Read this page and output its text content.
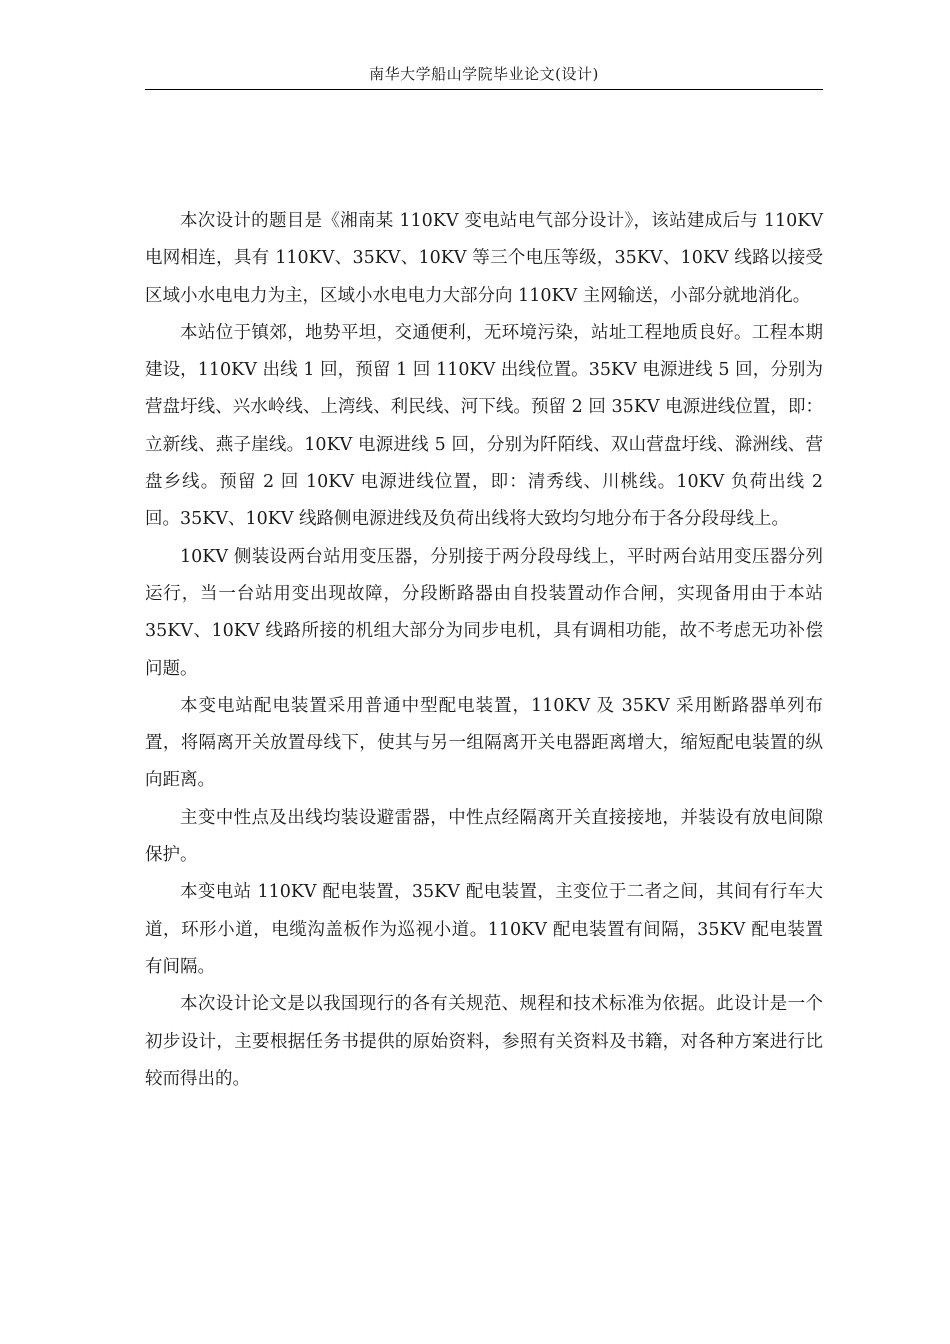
南华大学船山学院毕业论文(设计)

本次设计的题目是《湘南某 110KV 变电站电气部分设计》，该站建成后与 110KV 电网相连，具有 110KV、35KV、10KV 等三个电压等级，35KV、10KV 线路以接受区域小水电电力为主，区域小水电电力大部分向 110KV 主网输送，小部分就地消化。

本站位于镇郊，地势平坦，交通便利，无环境污染，站址工程地质良好。工程本期建设，110KV 出线 1 回，预留 1 回 110KV 出线位置。35KV 电源进线 5 回，分别为营盘圩线、兴水岭线、上湾线、利民线、河下线。预留 2 回 35KV 电源进线位置，即：立新线、燕子崖线。10KV 电源进线 5 回，分别为阡陌线、双山营盘圩线、滁洲线、营盘乡线。预留 2 回 10KV 电源进线位置，即：清秀线、川桃线。10KV 负荷出线 2 回。35KV、10KV 线路侧电源进线及负荷出线将大致均匀地分布于各分段母线上。

10KV 侧装设两台站用变压器，分别接于两分段母线上，平时两台站用变压器分列运行，当一台站用变出现故障，分段断路器由自投装置动作合闸，实现备用由于本站 35KV、10KV 线路所接的机组大部分为同步电机，具有调相功能，故不考虑无功补偿问题。

本变电站配电装置采用普通中型配电装置，110KV 及 35KV 采用断路器单列布置，将隔离开关放置母线下，使其与另一组隔离开关电器距离增大，缩短配电装置的纵向距离。

主变中性点及出线均装设避雷器，中性点经隔离开关直接接地，并装设有放电间隙保护。

本变电站 110KV 配电装置，35KV 配电装置，主变位于二者之间，其间有行车大道，环形小道，电缆沟盖板作为巡视小道。110KV 配电装置有间隔，35KV 配电装置有间隔。

本次设计论文是以我国现行的各有关规范、规程和技术标准为依据。此设计是一个初步设计，主要根据任务书提供的原始资料，参照有关资料及书籍，对各种方案进行比较而得出的。
